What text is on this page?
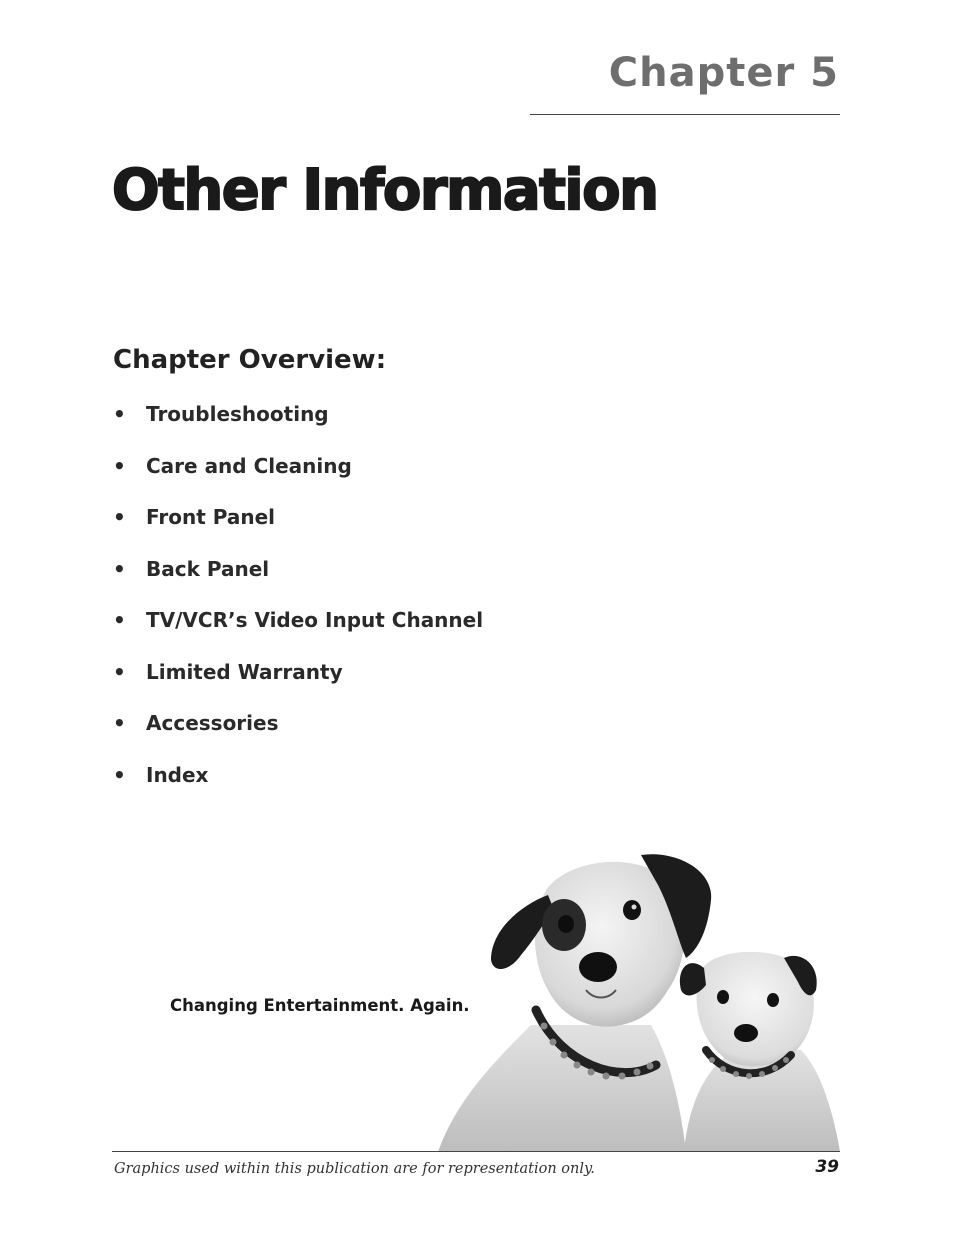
Chapter 5
Other Information
Chapter Overview:
•	Troubleshooting
•	Care and Cleaning
•	Front Panel
•	Back Panel
•	TV/VCR’s Video Input Channel
•	Limited Warranty
•	Accessories
•	Index

Changing Entertainment. Again.

Graphics used within this publication are for representation only.	39
